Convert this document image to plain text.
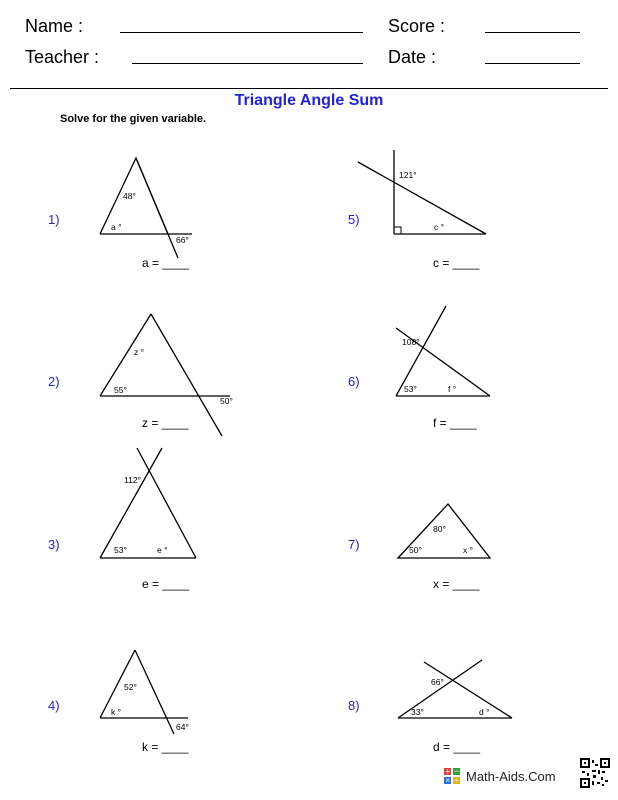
Name :	Score :
Teacher :	Date :
Triangle Angle Sum
Solve for the given variable.
1)
48°
a °
66°
a = ____
2)
z °
55°
50°
z = ____
3)
112°
53°	e °
e = ____
4)
52°
k °
64°
k = ____
5)
121°
c °
c = ____
6)
108°
53°	f °
f = ____
7)
80°
50°	x °
x = ____
8)
66°
33°	d °
d = ____
+ −
× ÷ Math-Aids.Com
